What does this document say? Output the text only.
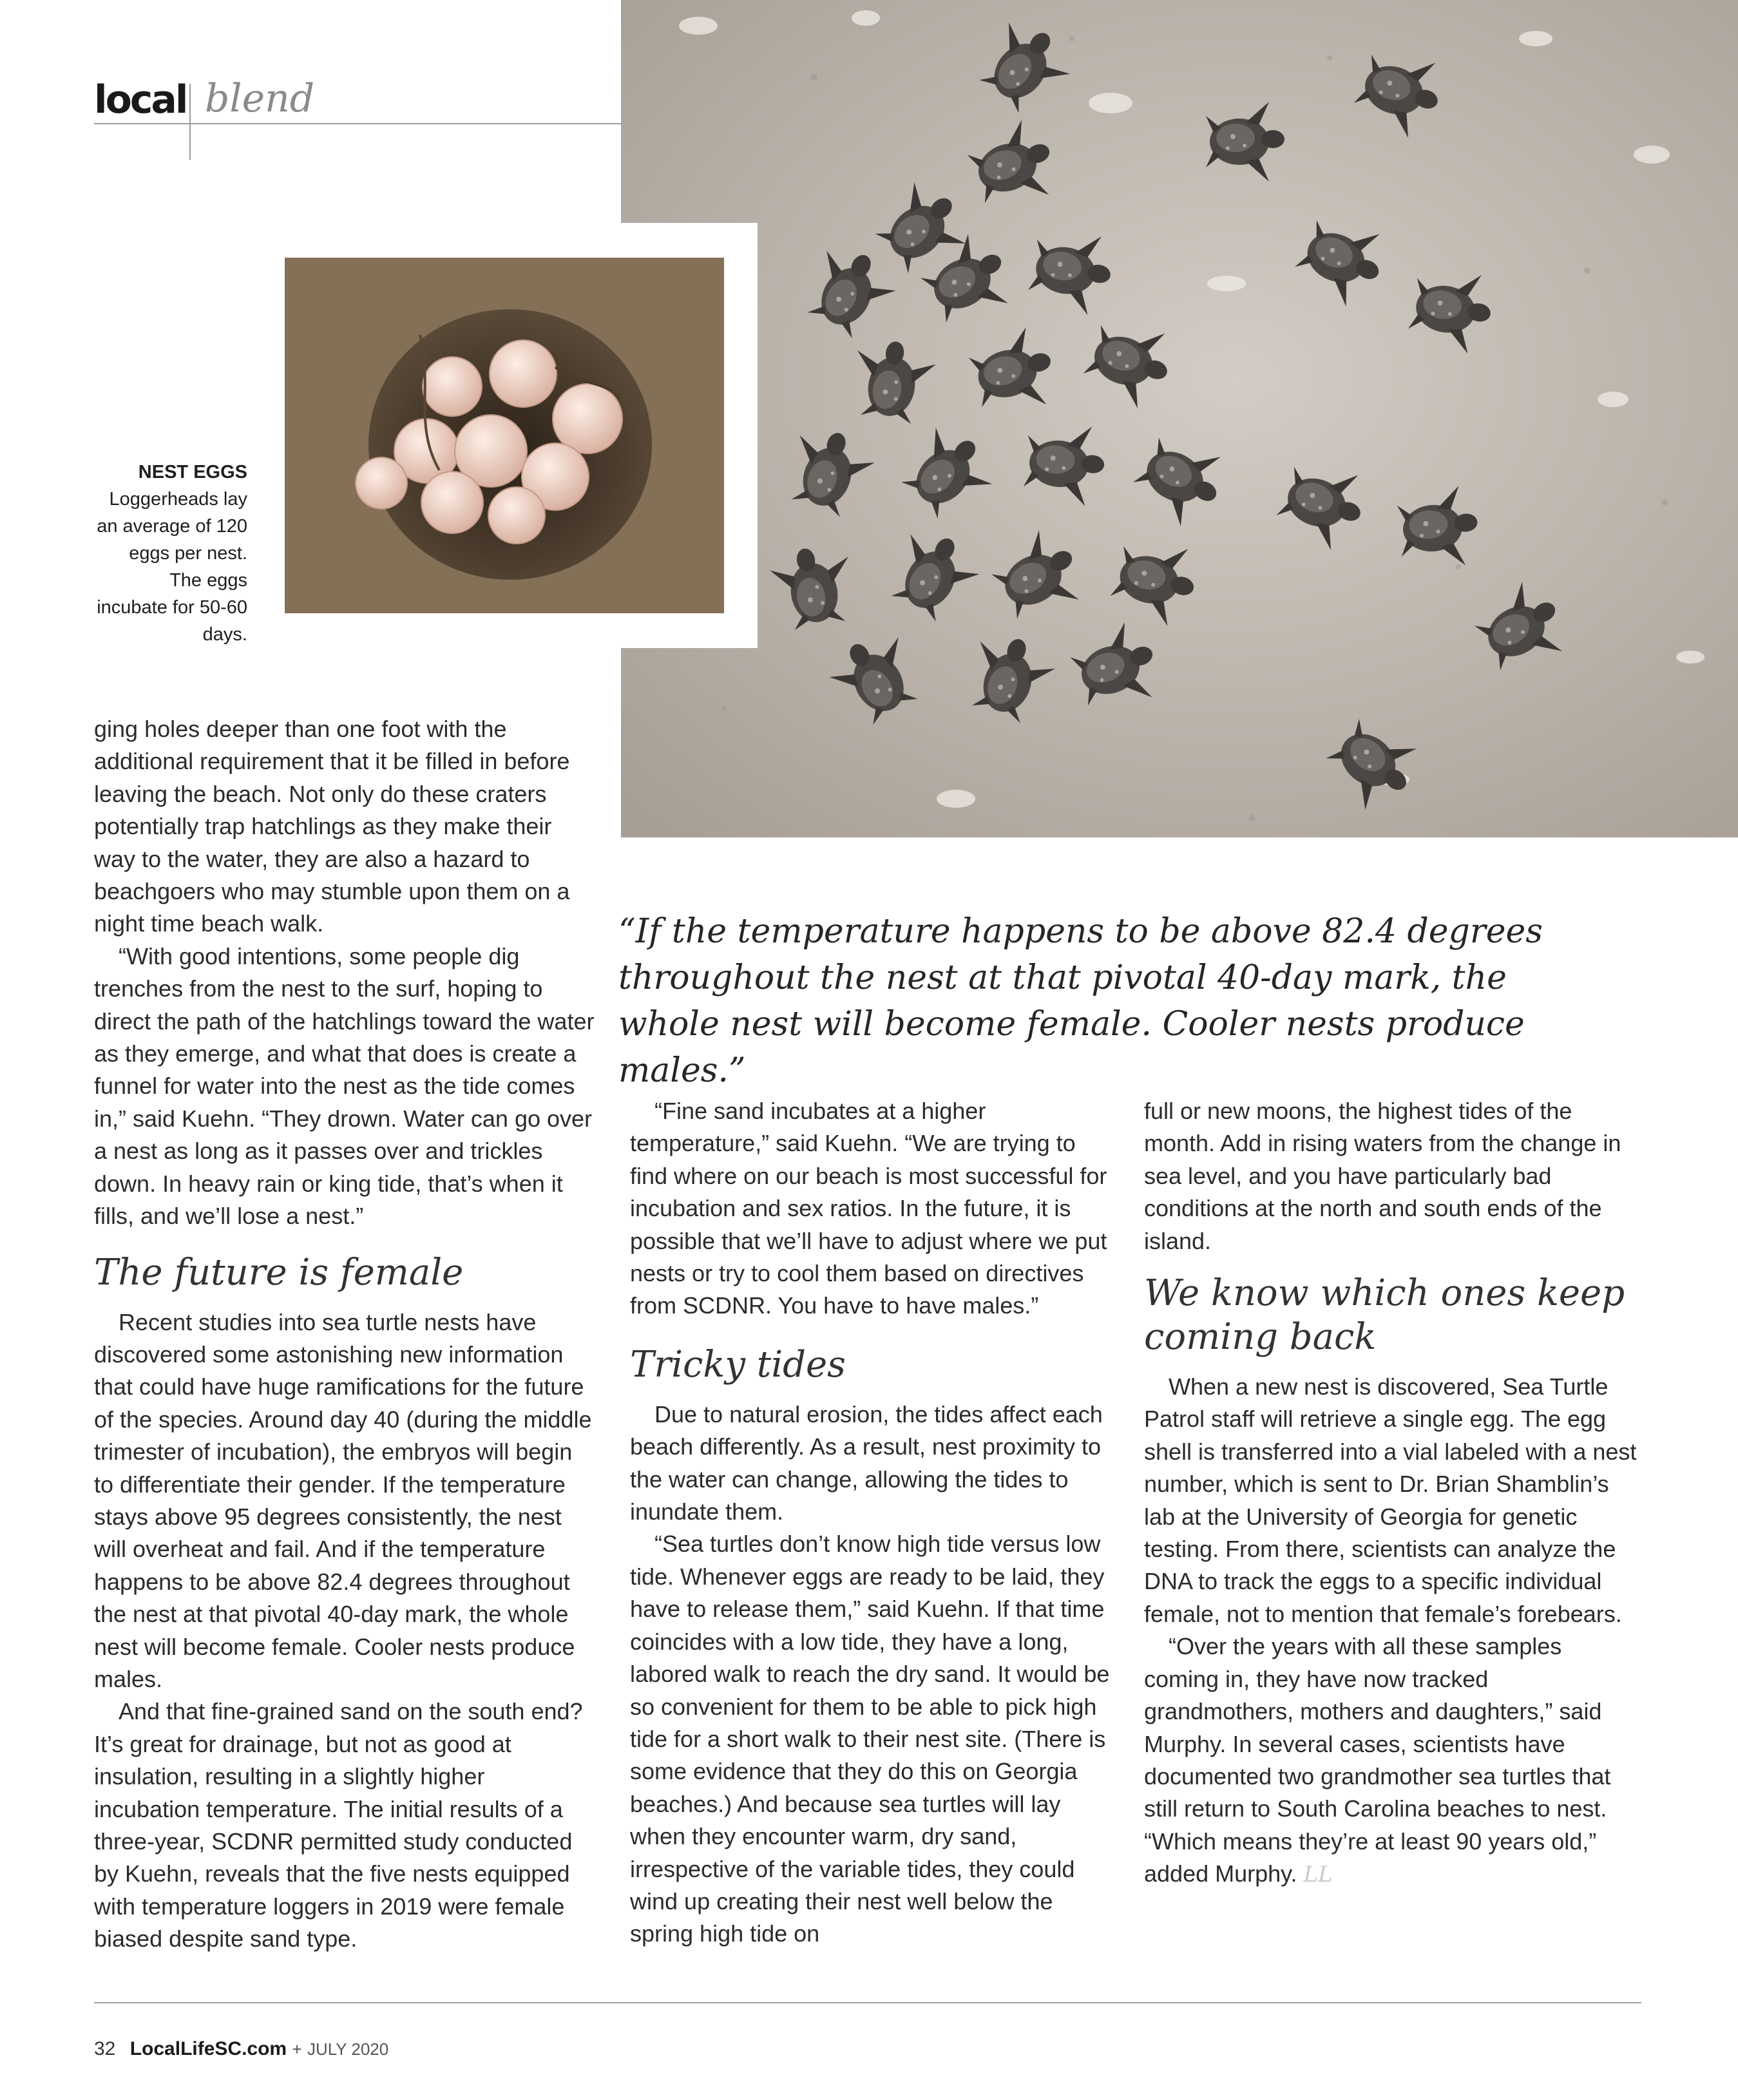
local blend
NEST EGGS
Loggerheads lay an average of 120 eggs per nest. The eggs incubate for 50-60 days.

ging holes deeper than one foot with the additional requirement that it be filled in before leaving the beach. Not only do these craters potentially trap hatchlings as they make their way to the water, they are also a hazard to beachgoers who may stumble upon them on a night time beach walk.

“With good intentions, some people dig trenches from the nest to the surf, hoping to direct the path of the hatchlings toward the water as they emerge, and what that does is create a funnel for water into the nest as the tide comes in,” said Kuehn. “They drown. Water can go over a nest as long as it passes over and trickles down. In heavy rain or king tide, that’s when it fills, and we’ll lose a nest.”

The future is female

Recent studies into sea turtle nests have discovered some astonishing new information that could have huge ramifications for the future of the species. Around day 40 (during the middle trimester of incubation), the embryos will begin to differentiate their gender. If the temperature stays above 95 degrees consistently, the nest will overheat and fail. And if the temperature happens to be above 82.4 degrees throughout the nest at that pivotal 40-day mark, the whole nest will become female. Cooler nests produce males.

And that fine-grained sand on the south end? It’s great for drainage, but not as good at insulation, resulting in a slightly higher incubation temperature. The initial results of a three-year, SCDNR permitted study conducted by Kuehn, reveals that the five nests equipped with temperature loggers in 2019 were female biased despite sand type.

“If the temperature happens to be above 82.4 degrees throughout the nest at that pivotal 40-day mark, the whole nest will become female. Cooler nests produce males.”

“Fine sand incubates at a higher temperature,” said Kuehn. “We are trying to find where on our beach is most successful for incubation and sex ratios. In the future, it is possible that we’ll have to adjust where we put nests or try to cool them based on directives from SCDNR. You have to have males.”

Tricky tides

Due to natural erosion, the tides affect each beach differently. As a result, nest proximity to the water can change, allowing the tides to inundate them.

“Sea turtles don’t know high tide versus low tide. Whenever eggs are ready to be laid, they have to release them,” said Kuehn. If that time coincides with a low tide, they have a long, labored walk to reach the dry sand. It would be so convenient for them to be able to pick high tide for a short walk to their nest site. (There is some evidence that they do this on Georgia beaches.) And because sea turtles will lay when they encounter warm, dry sand, irrespective of the variable tides, they could wind up creating their nest well below the spring high tide on

full or new moons, the highest tides of the month. Add in rising waters from the change in sea level, and you have particularly bad conditions at the north and south ends of the island.

We know which ones keep coming back

When a new nest is discovered, Sea Turtle Patrol staff will retrieve a single egg. The egg shell is transferred into a vial labeled with a nest number, which is sent to Dr. Brian Shamblin’s lab at the University of Georgia for genetic testing. From there, scientists can analyze the DNA to track the eggs to a specific individual female, not to mention that female’s forebears.

“Over the years with all these samples coming in, they have now tracked grandmothers, mothers and daughters,” said Murphy. In several cases, scientists have documented two grandmother sea turtles that still return to South Carolina beaches to nest. “Which means they’re at least 90 years old,” added Murphy. LL

32 LocalLifeSC.com + JULY 2020
